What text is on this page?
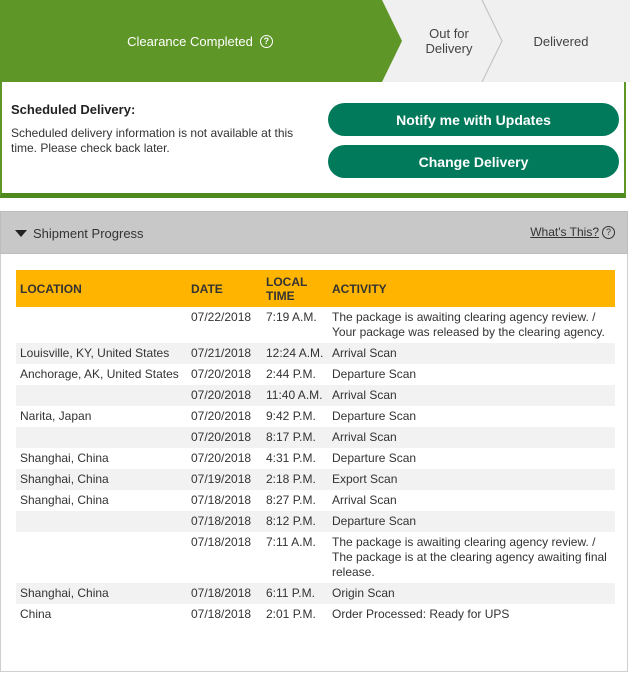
Clearance Completed	?	Out for Delivery	Delivered
Scheduled Delivery:
Scheduled delivery information is not available at this time. Please check back later.
Notify me with Updates
Change Delivery
Shipment Progress	What's This? ?
LOCATION	DATE	LOCAL TIME	ACTIVITY
	07/22/2018	7:19 A.M.	The package is awaiting clearing agency review. / Your package was released by the clearing agency.
Louisville, KY, United States	07/21/2018	12:24 A.M.	Arrival Scan
Anchorage, AK, United States	07/20/2018	2:44 P.M.	Departure Scan
	07/20/2018	11:40 A.M.	Arrival Scan
Narita, Japan	07/20/2018	9:42 P.M.	Departure Scan
	07/20/2018	8:17 P.M.	Arrival Scan
Shanghai, China	07/20/2018	4:31 P.M.	Departure Scan
Shanghai, China	07/19/2018	2:18 P.M.	Export Scan
Shanghai, China	07/18/2018	8:27 P.M.	Arrival Scan
	07/18/2018	8:12 P.M.	Departure Scan
	07/18/2018	7:11 A.M.	The package is awaiting clearing agency review. / The package is at the clearing agency awaiting final release.
Shanghai, China	07/18/2018	6:11 P.M.	Origin Scan
China	07/18/2018	2:01 P.M.	Order Processed: Ready for UPS
